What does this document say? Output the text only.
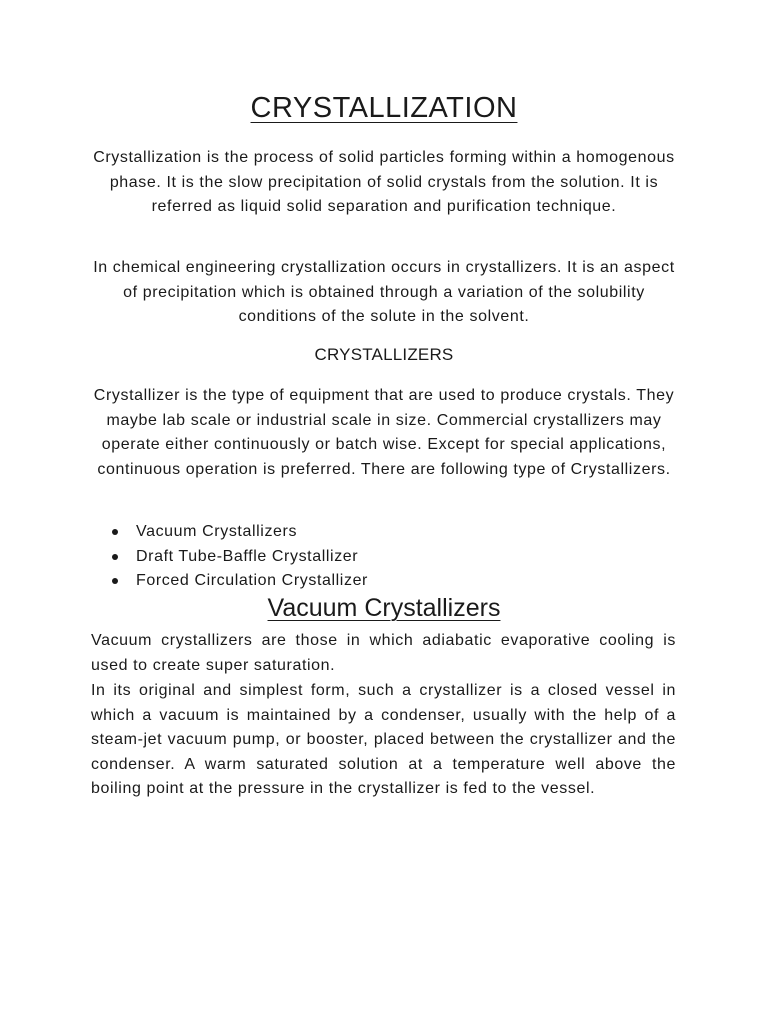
CRYSTALLIZATION

Crystallization is the process of solid particles forming within a homogenous phase. It is the slow precipitation of solid crystals from the solution. It is referred as liquid solid separation and purification technique.

In chemical engineering crystallization occurs in crystallizers. It is an aspect of precipitation which is obtained through a variation of the solubility conditions of the solute in the solvent.

CRYSTALLIZERS

Crystallizer is the type of equipment that are used to produce crystals. They maybe lab scale or industrial scale in size. Commercial crystallizers may operate either continuously or batch wise. Except for special applications, continuous operation is preferred. There are following type of Crystallizers.

Vacuum Crystallizers
Draft Tube-Baffle Crystallizer
Forced Circulation Crystallizer
Vacuum Crystallizers

Vacuum crystallizers are those in which adiabatic evaporative cooling is used to create super saturation.

In its original and simplest form, such a crystallizer is a closed vessel in which a vacuum is maintained by a condenser, usually with the help of a steam-jet vacuum pump, or booster, placed between the crystallizer and the condenser. A warm saturated solution at a temperature well above the boiling point at the pressure in the crystallizer is fed to the vessel.
